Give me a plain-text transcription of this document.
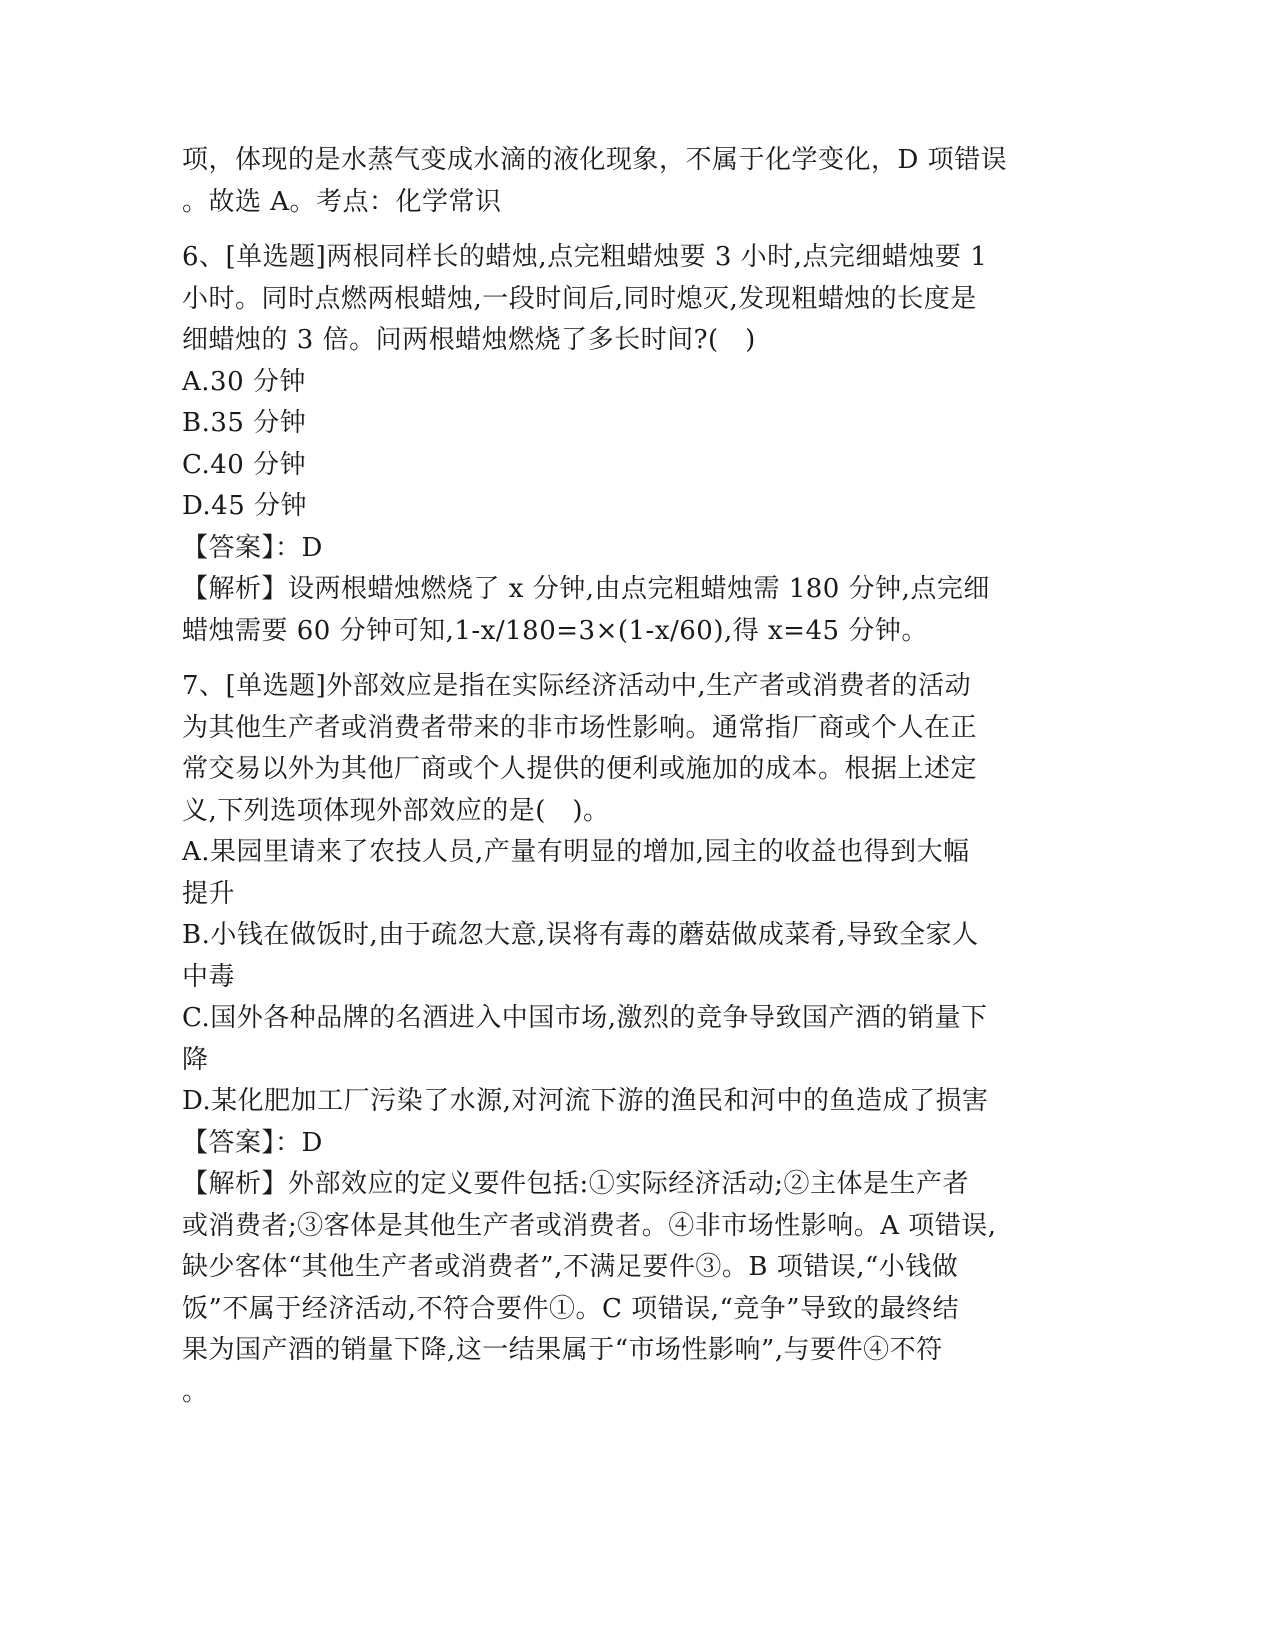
项，体现的是水蒸气变成水滴的液化现象，不属于化学变化，D 项错误
。故选 A。考点：化学常识
6、[单选题]两根同样长的蜡烛,点完粗蜡烛要 3 小时,点完细蜡烛要 1
小时。同时点燃两根蜡烛,一段时间后,同时熄灭,发现粗蜡烛的长度是
细蜡烛的 3 倍。问两根蜡烛燃烧了多长时间?(　)
A.30 分钟
B.35 分钟
C.40 分钟
D.45 分钟
【答案】：D
【解析】设两根蜡烛燃烧了 x 分钟,由点完粗蜡烛需 180 分钟,点完细
蜡烛需要 60 分钟可知,1-x/180=3×(1-x/60),得 x=45 分钟。
7、[单选题]外部效应是指在实际经济活动中,生产者或消费者的活动
为其他生产者或消费者带来的非市场性影响。通常指厂商或个人在正
常交易以外为其他厂商或个人提供的便利或施加的成本。根据上述定
义,下列选项体现外部效应的是(　)。
A.果园里请来了农技人员,产量有明显的增加,园主的收益也得到大幅
提升
B.小钱在做饭时,由于疏忽大意,误将有毒的蘑菇做成菜肴,导致全家人
中毒
C.国外各种品牌的名酒进入中国市场,激烈的竞争导致国产酒的销量下
降
D.某化肥加工厂污染了水源,对河流下游的渔民和河中的鱼造成了损害
【答案】：D
【解析】外部效应的定义要件包括:①实际经济活动;②主体是生产者
或消费者;③客体是其他生产者或消费者。④非市场性影响。A 项错误,
缺少客体“其他生产者或消费者”,不满足要件③。B 项错误,“小钱做
饭”不属于经济活动,不符合要件①。C 项错误,“竞争”导致的最终结
果为国产酒的销量下降,这一结果属于“市场性影响”,与要件④不符
。
